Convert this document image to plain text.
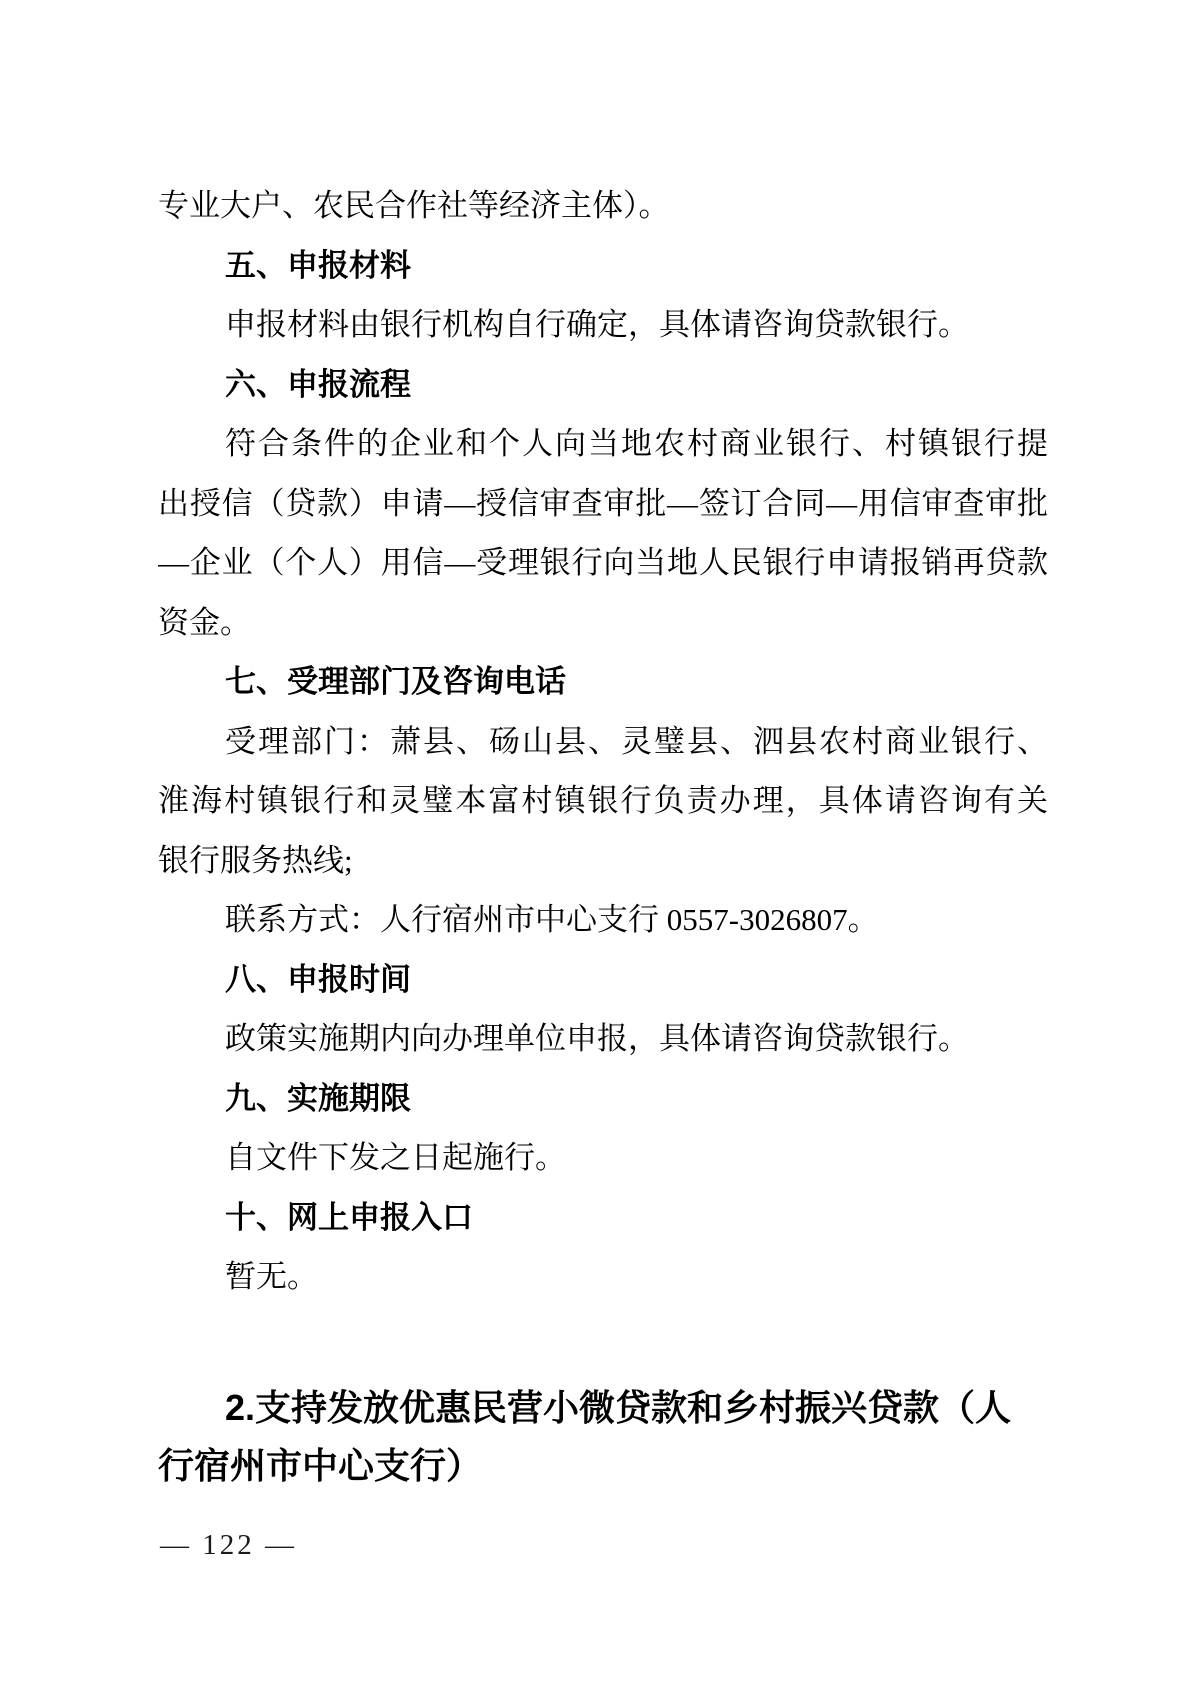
专业大户、农民合作社等经济主体）。
五、申报材料
申报材料由银行机构自行确定，具体请咨询贷款银行。
六、申报流程
符合条件的企业和个人向当地农村商业银行、村镇银行提
出授信（贷款）申请—授信审查审批—签订合同—用信审查审批
—企业（个人）用信—受理银行向当地人民银行申请报销再贷款
资金。
七、受理部门及咨询电话
受理部门：萧县、砀山县、灵璧县、泗县农村商业银行、
淮海村镇银行和灵璧本富村镇银行负责办理，具体请咨询有关
银行服务热线;
联系方式：人行宿州市中心支行 0557-3026807。
八、申报时间
政策实施期内向办理单位申报，具体请咨询贷款银行。
九、实施期限
自文件下发之日起施行。
十、网上申报入口
暂无。
2.支持发放优惠民营小微贷款和乡村振兴贷款（人
行宿州市中心支行）
— 122 —
